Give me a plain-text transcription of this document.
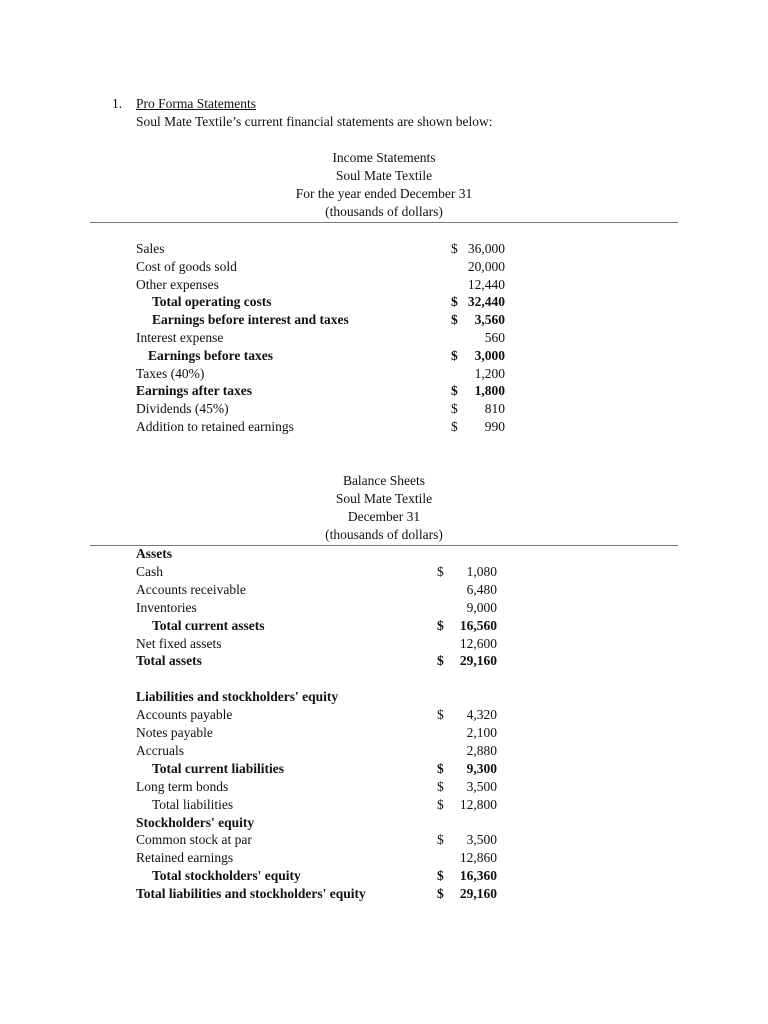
1. Pro Forma Statements
Soul Mate Textile’s current financial statements are shown below:
Income Statements
Soul Mate Textile
For the year ended December 31
(thousands of dollars)
Sales	$ 36,000
Cost of goods sold	20,000
Other expenses	12,440
Total operating costs	$ 32,440
Earnings before interest and taxes	$ 3,560
Interest expense	560
Earnings before taxes	$ 3,000
Taxes (40%)	1,200
Earnings after taxes	$ 1,800
Dividends (45%)	$ 810
Addition to retained earnings	$ 990
Balance Sheets
Soul Mate Textile
December 31
(thousands of dollars)
Assets
Cash	$	1,080
Accounts receivable	6,480
Inventories	9,000
Total current assets	$	16,560
Net fixed assets	12,600
Total assets	$	29,160
Liabilities and stockholders' equity
Accounts payable	$	4,320
Notes payable	2,100
Accruals	2,880
Total current liabilities	$	9,300
Long term bonds	$	3,500
Total liabilities	$	12,800
Stockholders' equity
Common stock at par	$	3,500
Retained earnings	12,860
Total stockholders' equity	$	16,360
Total liabilities and stockholders' equity	$	29,160
